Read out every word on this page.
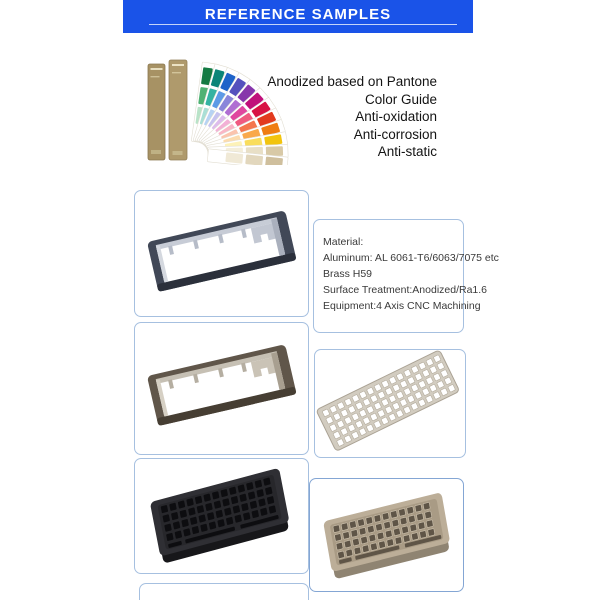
REFERENCE SAMPLES
Anodized based on Pantone
Color Guide
Anti-oxidation
Anti-corrosion
Anti-static
Material:
Aluminum: AL 6061-T6/6063/7075 etc
Brass H59
Surface Treatment:Anodized/Ra1.6
Equipment:4 Axis CNC Machining
